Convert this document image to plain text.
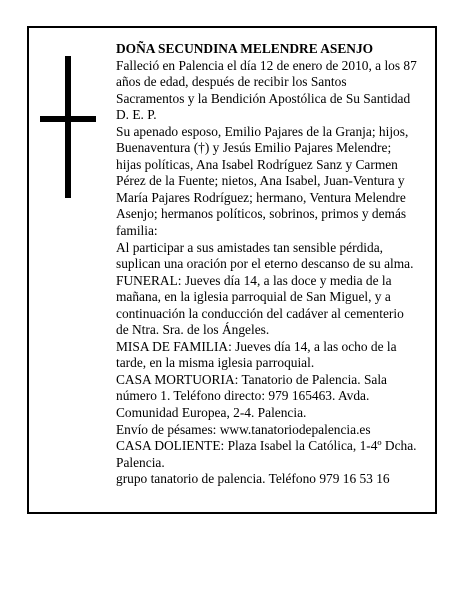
DOÑA SECUNDINA MELENDRE ASENJO

Falleció en Palencia el día 12 de enero de 2010, a los 87

años de edad, después de recibir los Santos

Sacramentos y la Bendición Apostólica de Su Santidad

D. E. P.

Su apenado esposo, Emilio Pajares de la Granja; hijos,

Buenaventura (†) y Jesús Emilio Pajares Melendre;

hijas políticas, Ana Isabel Rodríguez Sanz y Carmen

Pérez de la Fuente; nietos, Ana Isabel, Juan-Ventura y

María Pajares Rodríguez; hermano, Ventura Melendre

Asenjo; hermanos políticos, sobrinos, primos y demás

familia:

Al participar a sus amistades tan sensible pérdida,

suplican una oración por el eterno descanso de su alma.

FUNERAL: Jueves día 14, a las doce y media de la

mañana, en la iglesia parroquial de San Miguel, y a

continuación la conducción del cadáver al cementerio

de Ntra. Sra. de los Ángeles.

MISA DE FAMILIA: Jueves día 14, a las ocho de la

tarde, en la misma iglesia parroquial.

CASA MORTUORIA: Tanatorio de Palencia. Sala

número 1. Teléfono directo: 979 165463. Avda.

Comunidad Europea, 2-4. Palencia.

Envío de pésames: www.tanatoriodepalencia.es

CASA DOLIENTE: Plaza Isabel la Católica, 1-4º Dcha.

Palencia.

grupo tanatorio de palencia. Teléfono 979 16 53 16
